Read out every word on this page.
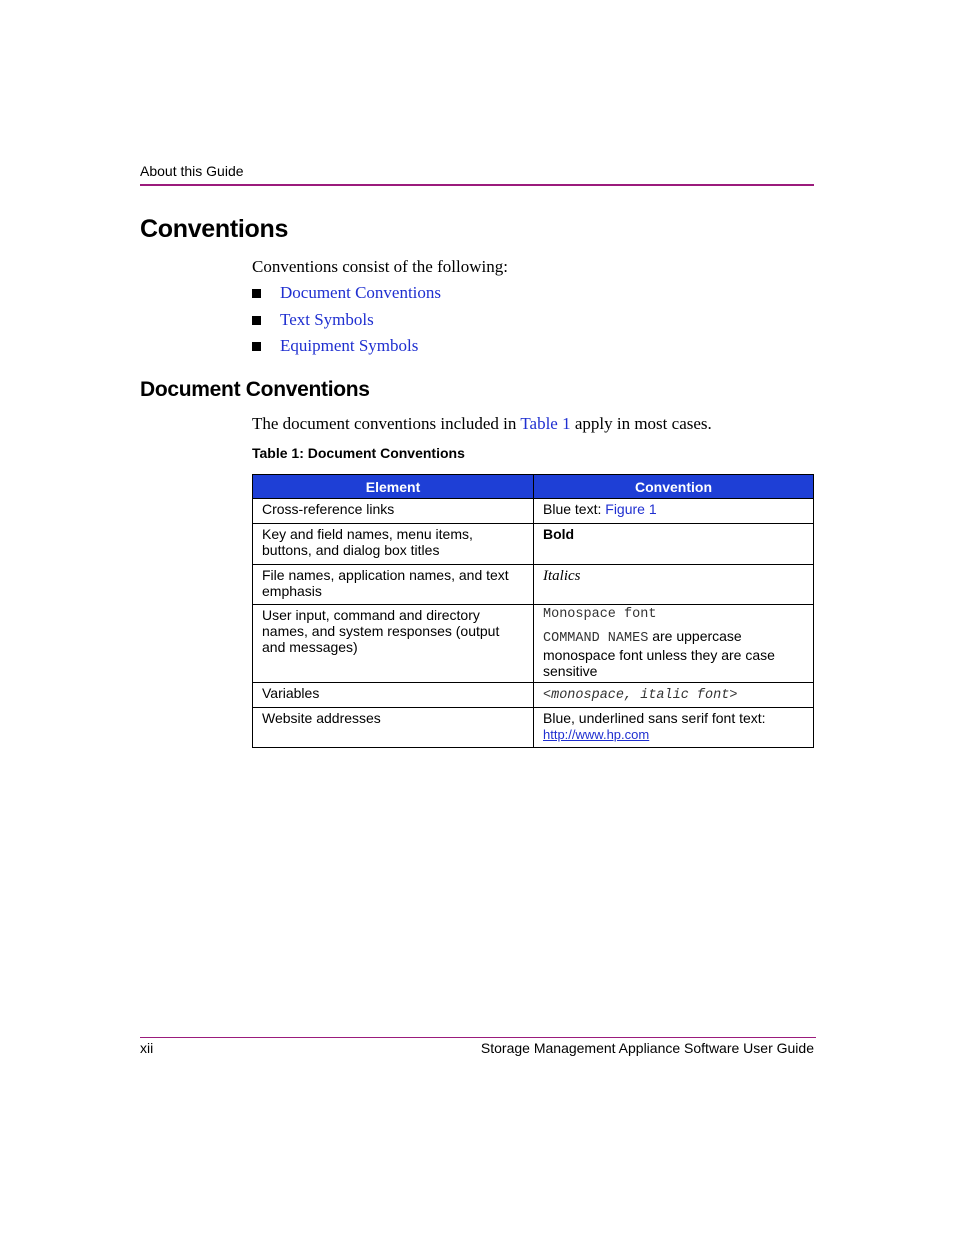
About this Guide
Conventions

Conventions consist of the following:

Document Conventions
Text Symbols
Equipment Symbols
Document Conventions

The document conventions included in Table 1 apply in most cases.

Table 1: Document Conventions

Element	Convention
Cross-reference links	Blue text: Figure 1
Key and field names, menu items, buttons, and dialog box titles	Bold
File names, application names, and text emphasis	Italics
User input, command and directory names, and system responses (output and messages)	Monospace font
COMMAND NAMES are uppercase monospace font unless they are case sensitive
Variables	<monospace, italic font>
Website addresses	Blue, underlined sans serif font text:
http://www.hp.com
xii	Storage Management Appliance Software User Guide
